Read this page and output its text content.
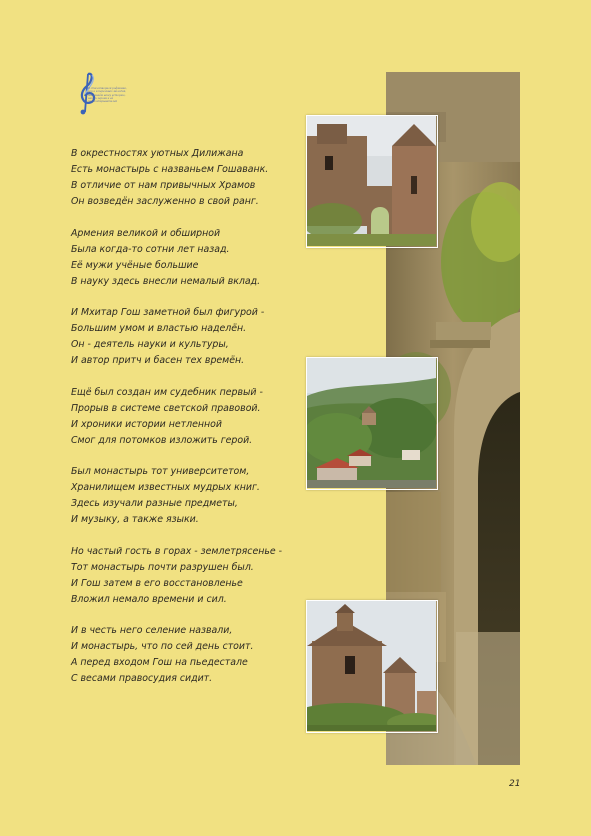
В стихотворной рифмовке, как и в переливах мелодий, мы узнаём нашу историю, наших героев и её первооткрывателей

В окрестностях уютных Дилижана

Есть монастырь с названьем Гошаванк.

В отличие от нам привычных Храмов

Он возведён заслуженно в свой ранг.

Армения великой и обширной

Была когда-то сотни лет назад.

Её мужи учёные большие

В науку здесь внесли немалый вклад.

И Мхитар Гош заметной был фигурой -

Большим умом и властью наделён.

Он - деятель науки и культуры,

И автор притч и басен тех времён.

Ещё был создан им судебник первый -

Прорыв в системе светской правовой.

И хроники истории нетленной

Смог для потомков изложить герой.

Был монастырь тот университетом,

Хранилищем известных мудрых книг.

Здесь изучали разные предметы,

И музыку, а также языки.

Но частый гость в горах - землетрясенье -

Тот монастырь почти разрушен был.

И Гош затем в его восстановленье

Вложил немало времени и сил.

И в честь него селение назвали,

И монастырь, что по сей день стоит.

А перед входом Гош на пьедестале

С весами правосудия сидит.

21
